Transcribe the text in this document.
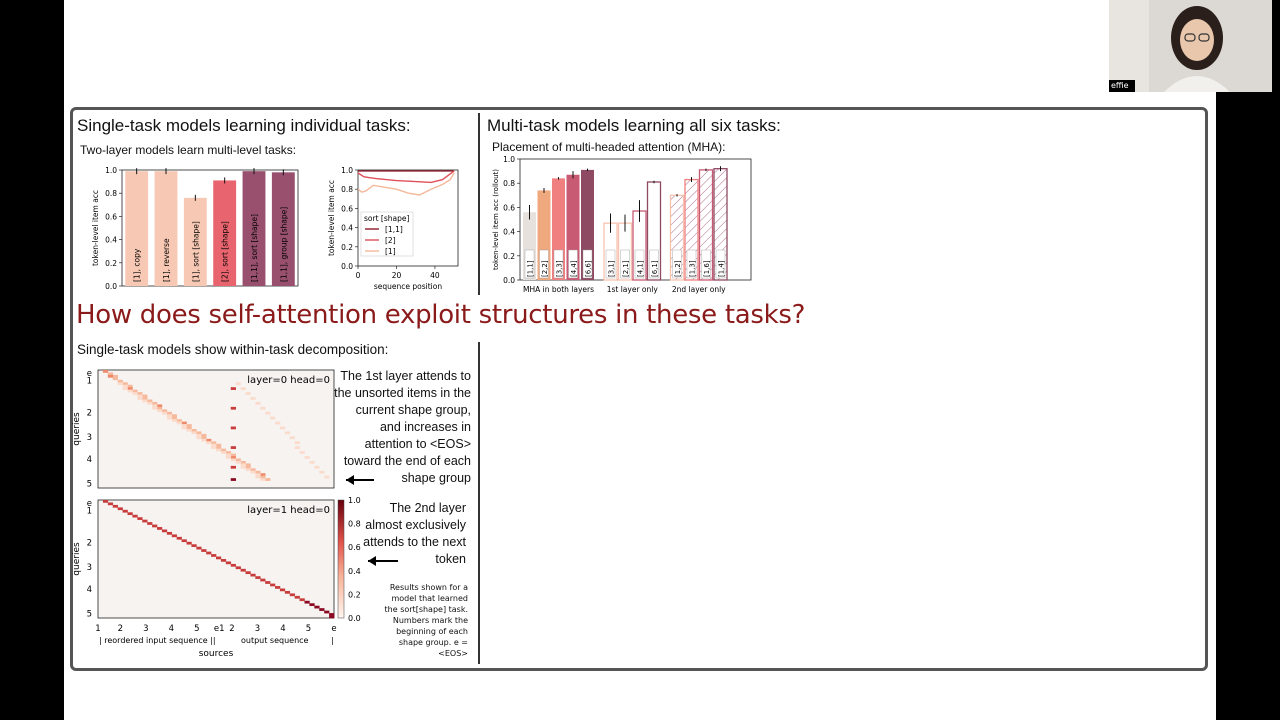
effie li
Single-task models learning individual tasks:
Two-layer models learn multi-level tasks:
Multi-task models learning all six tasks:
Placement of multi-headed attention (MHA):
0.0
0.2
0.4
0.6
0.8
1.0
token-level item acc	[1], copy	[1], reverse	[1], sort [shape]	[2], sort [shape]	[1,1], sort [shape]	[1,1], group [shape]	0.0
0.2
0.4
0.6
0.8
1.0
0	20	40
sequence position
token-level item acc	sort [shape]
[1,1]
[2]
[1]
0.0
0.2
0.4
0.6
0.8
1.0
token-level item acc (rollout)	[1,1] [2,2] [3,3] [4,4] [6,6]
MHA in both layers
[3,1] [2,1] [4,1] [6,1]
1st layer only
[1,2] [1,3] [1,6] [1,4]
2nd layer only
How does self-attention exploit structures in these tasks?
Single-task models show within-task decomposition:
layer=0 head=0
e
1
2
3
4
5
queries
layer=1 head=0
e
1
2
3
4
5
queries
1 2 3 4 5 e1 2 3 4 5 e
| reordered input sequence ||	output sequence	|
sources
0.0
0.2
0.4
0.6
0.8
1.0
The 1st layer attends to the unsorted items in the current shape group, and increases in attention to <EOS> toward the end of each shape group
The 2nd layer almost exclusively attends to the next token
Results shown for a model that learned the sort[shape] task. Numbers mark the beginning of each shape group. e = <EOS>
